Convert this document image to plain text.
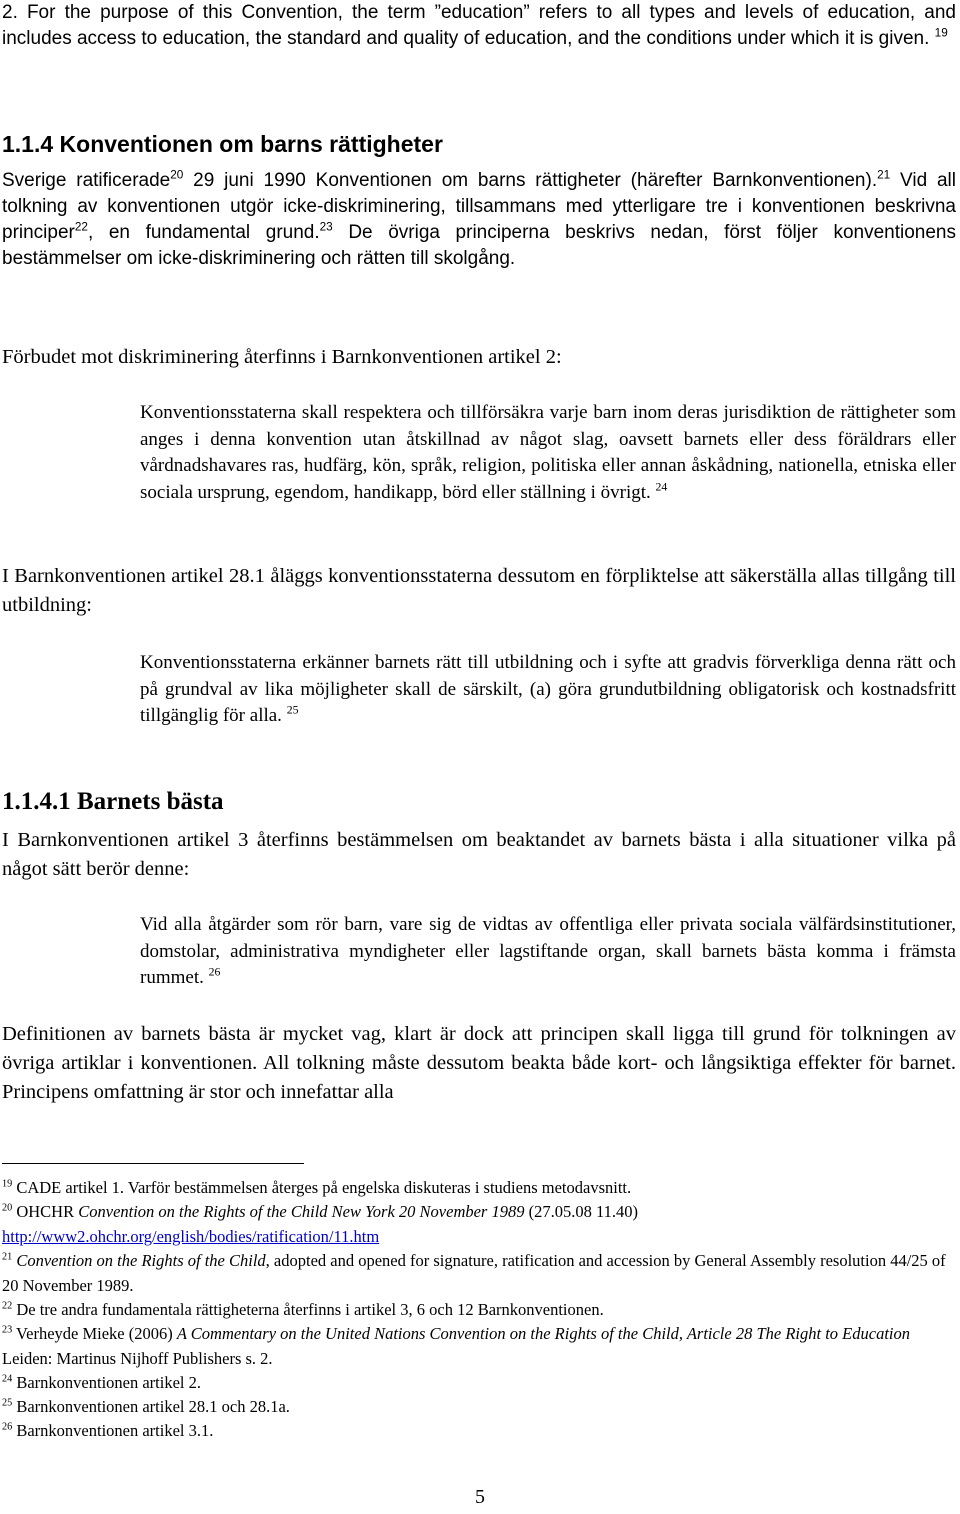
2. For the purpose of this Convention, the term ”education” refers to all types and levels of education, and includes access to education, the standard and quality of education, and the conditions under which it is given. $^{19}$

1.1.4 Konventionen om barns rättigheter

Sverige ratificerade$^{20}$ 29 juni 1990 Konventionen om barns rättigheter (härefter Barnkonventionen).$^{21}$ Vid all tolkning av konventionen utgör icke-diskriminering, tillsammans med ytterligare tre i konventionen beskrivna principer$^{22}$, en fundamental grund.$^{23}$ De övriga principerna beskrivs nedan, först följer konventionens bestämmelser om icke-diskriminering och rätten till skolgång.

Förbudet mot diskriminering återfinns i Barnkonventionen artikel 2:

Konventionsstaterna skall respektera och tillförsäkra varje barn inom deras jurisdiktion de rättigheter som anges i denna konvention utan åtskillnad av något slag, oavsett barnets eller dess föräldrars eller vårdnadshavares ras, hudfärg, kön, språk, religion, politiska eller annan åskådning, nationella, etniska eller sociala ursprung, egendom, handikapp, börd eller ställning i övrigt. $^{24}$

I Barnkonventionen artikel 28.1 åläggs konventionsstaterna dessutom en förpliktelse att säkerställa allas tillgång till utbildning:

Konventionsstaterna erkänner barnets rätt till utbildning och i syfte att gradvis förverkliga denna rätt och på grundval av lika möjligheter skall de särskilt, (a) göra grundutbildning obligatorisk och kostnadsfritt tillgänglig för alla. $^{25}$

1.1.4.1 Barnets bästa

I Barnkonventionen artikel 3 återfinns bestämmelsen om beaktandet av barnets bästa i alla situationer vilka på något sätt berör denne:

Vid alla åtgärder som rör barn, vare sig de vidtas av offentliga eller privata sociala välfärdsinstitutioner, domstolar, administrativa myndigheter eller lagstiftande organ, skall barnets bästa komma i främsta rummet. $^{26}$

Definitionen av barnets bästa är mycket vag, klart är dock att principen skall ligga till grund för tolkningen av övriga artiklar i konventionen. All tolkning måste dessutom beakta både kort- och långsiktiga effekter för barnet. Principens omfattning är stor och innefattar alla

$^{19}$ CADE artikel 1. Varför bestämmelsen återges på engelska diskuteras i studiens metodavsnitt.

$^{20}$ OHCHR Convention on the Rights of the Child New York 20 November 1989 (27.05.08 11.40)
http://www2.ohchr.org/english/bodies/ratification/11.htm

$^{21}$ Convention on the Rights of the Child, adopted and opened for signature, ratification and accession by General Assembly resolution 44/25 of 20 November 1989.

$^{22}$ De tre andra fundamentala rättigheterna återfinns i artikel 3, 6 och 12 Barnkonventionen.

$^{23}$ Verheyde Mieke (2006) A Commentary on the United Nations Convention on the Rights of the Child, Article 28 The Right to Education Leiden: Martinus Nijhoff Publishers s. 2.

$^{24}$ Barnkonventionen artikel 2.

$^{25}$ Barnkonventionen artikel 28.1 och 28.1a.

$^{26}$ Barnkonventionen artikel 3.1.

5
